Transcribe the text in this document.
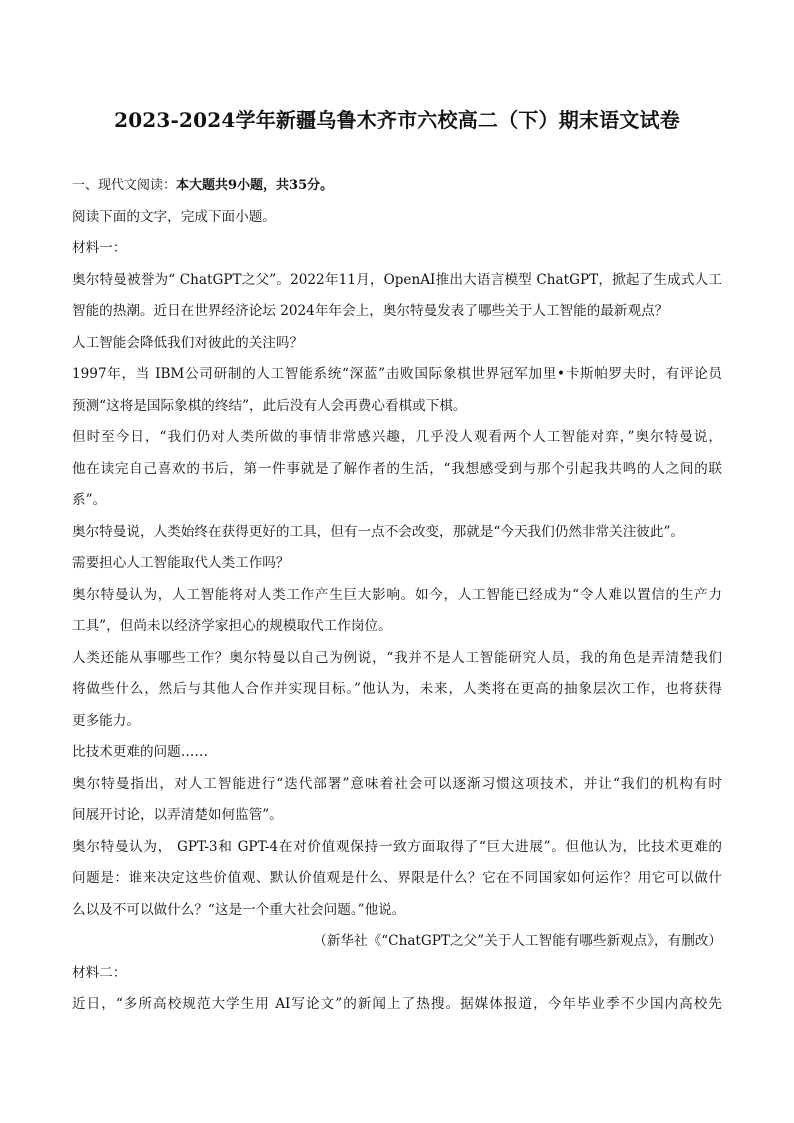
2023-2024学年新疆乌鲁木齐市六校高二（下）期末语文试卷
一、现代文阅读：本大题共9小题，共35分。
阅读下面的文字，完成下面小题。
材料一：
奥尔特曼被誉为“ ChatGPT之父”。2022年11月，OpenAI推出大语言模型 ChatGPT，掀起了生成式人工
智能的热潮。近日在世界经济论坛 2024年年会上，奥尔特曼发表了哪些关于人工智能的最新观点？
人工智能会降低我们对彼此的关注吗？
1997年，当 IBM公司研制的人工智能系统“深蓝”击败国际象棋世界冠军加里•卡斯帕罗夫时，有评论员
预测“这将是国际象棋的终结”，此后没有人会再费心看棋或下棋。
但时至今日，“我们仍对人类所做的事情非常感兴趣，几乎没人观看两个人工智能对弈，”奥尔特曼说，
他在读完自己喜欢的书后，第一件事就是了解作者的生活，“我想感受到与那个引起我共鸣的人之间的联
系”。
奥尔特曼说，人类始终在获得更好的工具，但有一点不会改变，那就是“今天我们仍然非常关注彼此”。
需要担心人工智能取代人类工作吗？
奥尔特曼认为，人工智能将对人类工作产生巨大影响。如今，人工智能已经成为“令人难以置信的生产力
工具”，但尚未以经济学家担心的规模取代工作岗位。
人类还能从事哪些工作？奥尔特曼以自己为例说，“我并不是人工智能研究人员，我的角色是弄清楚我们
将做些什么，然后与其他人合作并实现目标。”他认为，未来，人类将在更高的抽象层次工作，也将获得
更多能力。
比技术更难的问题……
奥尔特曼指出，对人工智能进行“迭代部署”意味着社会可以逐渐习惯这项技术，并让“我们的机构有时
间展开讨论，以弄清楚如何监管”。
奥尔特曼认为， GPT-3和 GPT-4在对价值观保持一致方面取得了“巨大进展”。但他认为，比技术更难的
问题是：谁来决定这些价值观、默认价值观是什么、界限是什么？它在不同国家如何运作？用它可以做什
么以及不可以做什么？“这是一个重大社会问题。”他说。
（新华社《“ChatGPT之父”关于人工智能有哪些新观点》，有删改）
材料二：
近日，“多所高校规范大学生用 AI写论文”的新闻上了热搜。据媒体报道，今年毕业季不少国内高校先
